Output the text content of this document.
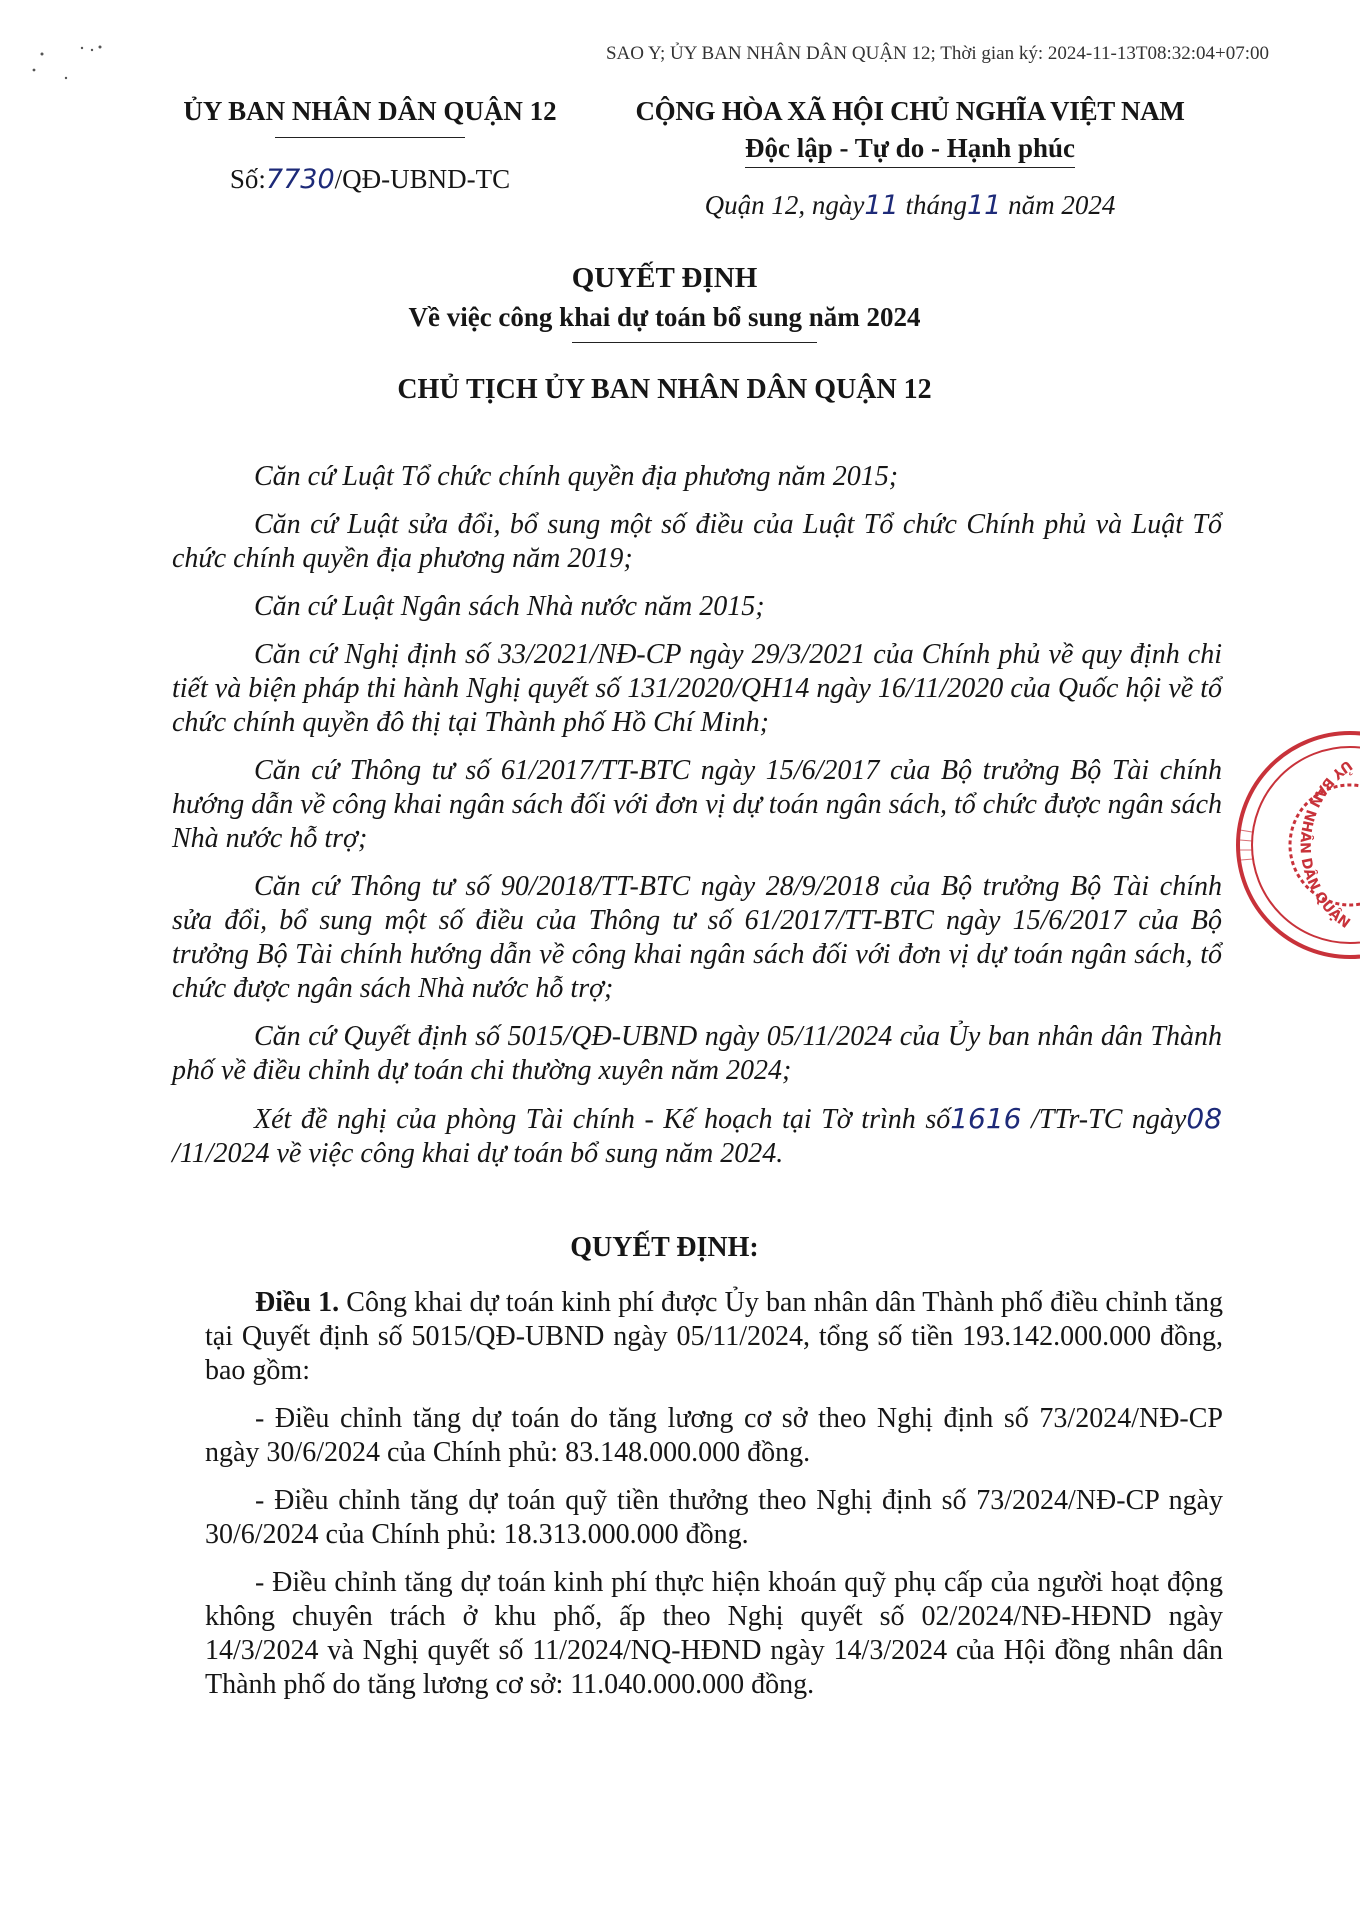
SAO Y; ỦY BAN NHÂN DÂN QUẬN 12; Thời gian ký: 2024-11-13T08:32:04+07:00
ỦY BAN NHÂN DÂN QUẬN 12
Số:7730/QĐ-UBND-TC
CỘNG HÒA XÃ HỘI CHỦ NGHĨA VIỆT NAM
Độc lập - Tự do - Hạnh phúc
Quận 12, ngày11 tháng11 năm 2024
QUYẾT ĐỊNH
Về việc công khai dự toán bổ sung năm 2024
CHỦ TỊCH ỦY BAN NHÂN DÂN QUẬN 12

Căn cứ Luật Tổ chức chính quyền địa phương năm 2015;

Căn cứ Luật sửa đổi, bổ sung một số điều của Luật Tổ chức Chính phủ và Luật Tổ chức chính quyền địa phương năm 2019;

Căn cứ Luật Ngân sách Nhà nước năm 2015;

Căn cứ Nghị định số 33/2021/NĐ-CP ngày 29/3/2021 của Chính phủ về quy định chi tiết và biện pháp thi hành Nghị quyết số 131/2020/QH14 ngày 16/11/2020 của Quốc hội về tổ chức chính quyền đô thị tại Thành phố Hồ Chí Minh;

Căn cứ Thông tư số 61/2017/TT-BTC ngày 15/6/2017 của Bộ trưởng Bộ Tài chính hướng dẫn về công khai ngân sách đối với đơn vị dự toán ngân sách, tổ chức được ngân sách Nhà nước hỗ trợ;

Căn cứ Thông tư số 90/2018/TT-BTC ngày 28/9/2018 của Bộ trưởng Bộ Tài chính sửa đổi, bổ sung một số điều của Thông tư số 61/2017/TT-BTC ngày 15/6/2017 của Bộ trưởng Bộ Tài chính hướng dẫn về công khai ngân sách đối với đơn vị dự toán ngân sách, tổ chức được ngân sách Nhà nước hỗ trợ;

Căn cứ Quyết định số 5015/QĐ-UBND ngày 05/11/2024 của Ủy ban nhân dân Thành phố về điều chỉnh dự toán chi thường xuyên năm 2024;

Xét đề nghị của phòng Tài chính - Kế hoạch tại Tờ trình số1616 /TTr-TC ngày08 /11/2024 về việc công khai dự toán bổ sung năm 2024.

QUYẾT ĐỊNH:

Điều 1. Công khai dự toán kinh phí được Ủy ban nhân dân Thành phố điều chỉnh tăng tại Quyết định số 5015/QĐ-UBND ngày 05/11/2024, tổng số tiền 193.142.000.000 đồng, bao gồm:

- Điều chỉnh tăng dự toán do tăng lương cơ sở theo Nghị định số 73/2024/NĐ-CP ngày 30/6/2024 của Chính phủ: 83.148.000.000 đồng.

- Điều chỉnh tăng dự toán quỹ tiền thưởng theo Nghị định số 73/2024/NĐ-CP ngày 30/6/2024 của Chính phủ: 18.313.000.000 đồng.

- Điều chỉnh tăng dự toán kinh phí thực hiện khoán quỹ phụ cấp của người hoạt động không chuyên trách ở khu phố, ấp theo Nghị quyết số 02/2024/NĐ-HĐND ngày 14/3/2024 và Nghị quyết số 11/2024/NQ-HĐND ngày 14/3/2024 của Hội đồng nhân dân Thành phố do tăng lương cơ sở: 11.040.000.000 đồng.

ỦY BAN NHÂN DÂN QUẬN
